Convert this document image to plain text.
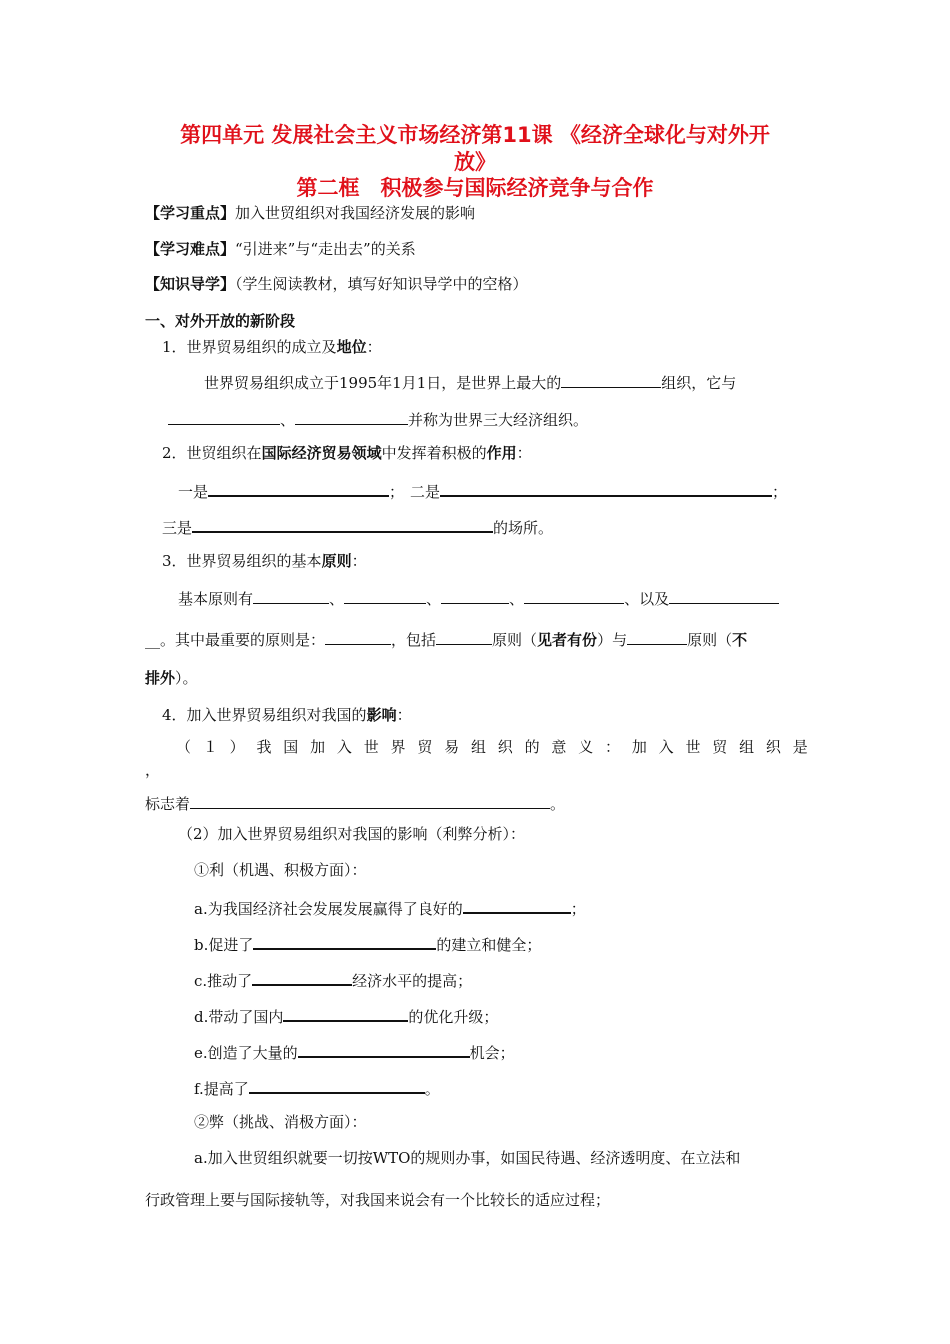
第四单元 发展社会主义市场经济第11课 《经济全球化与对外开
放》
第二框　积极参与国际经济竞争与合作
【学习重点】加入世贸组织对我国经济发展的影响
【学习难点】“引进来”与“走出去”的关系
【知识导学】（学生阅读教材，填写好知识导学中的空格）
一、对外开放的新阶段
1．世界贸易组织的成立及地位：
世界贸易组织成立于1995年1月1日，是世界上最大的	组织，它与
、	并称为世界三大经济组织。
2．世贸组织在国际经济贸易领域中发挥着积极的作用：
一是	； 二是	；
三是	的场所。
3．世界贸易组织的基本原则：
基本原则有	、	、	、	、以及
__。其中最重要的原则是：	，包括	原则（见者有份）与	原则（不
排外）。
4．加入世界贸易组织对我国的影响：
（ １ ） 我 国 加 入 世 界 贸 易 组 织 的 意 义 ： 加 入 世 贸 组 织 是
，
标志着	。
（2）加入世界贸易组织对我国的影响（利弊分析）：
①利（机遇、积极方面）：
a.为我国经济社会发展发展赢得了良好的	；
b.促进了	的建立和健全；
c.推动了	经济水平的提高；
d.带动了国内	的优化升级；
e.创造了大量的	机会；
f.提高了	。
②弊（挑战、消极方面）：
a.加入世贸组织就要一切按WTO的规则办事，如国民待遇、经济透明度、在立法和
行政管理上要与国际接轨等，对我国来说会有一个比较长的适应过程；
